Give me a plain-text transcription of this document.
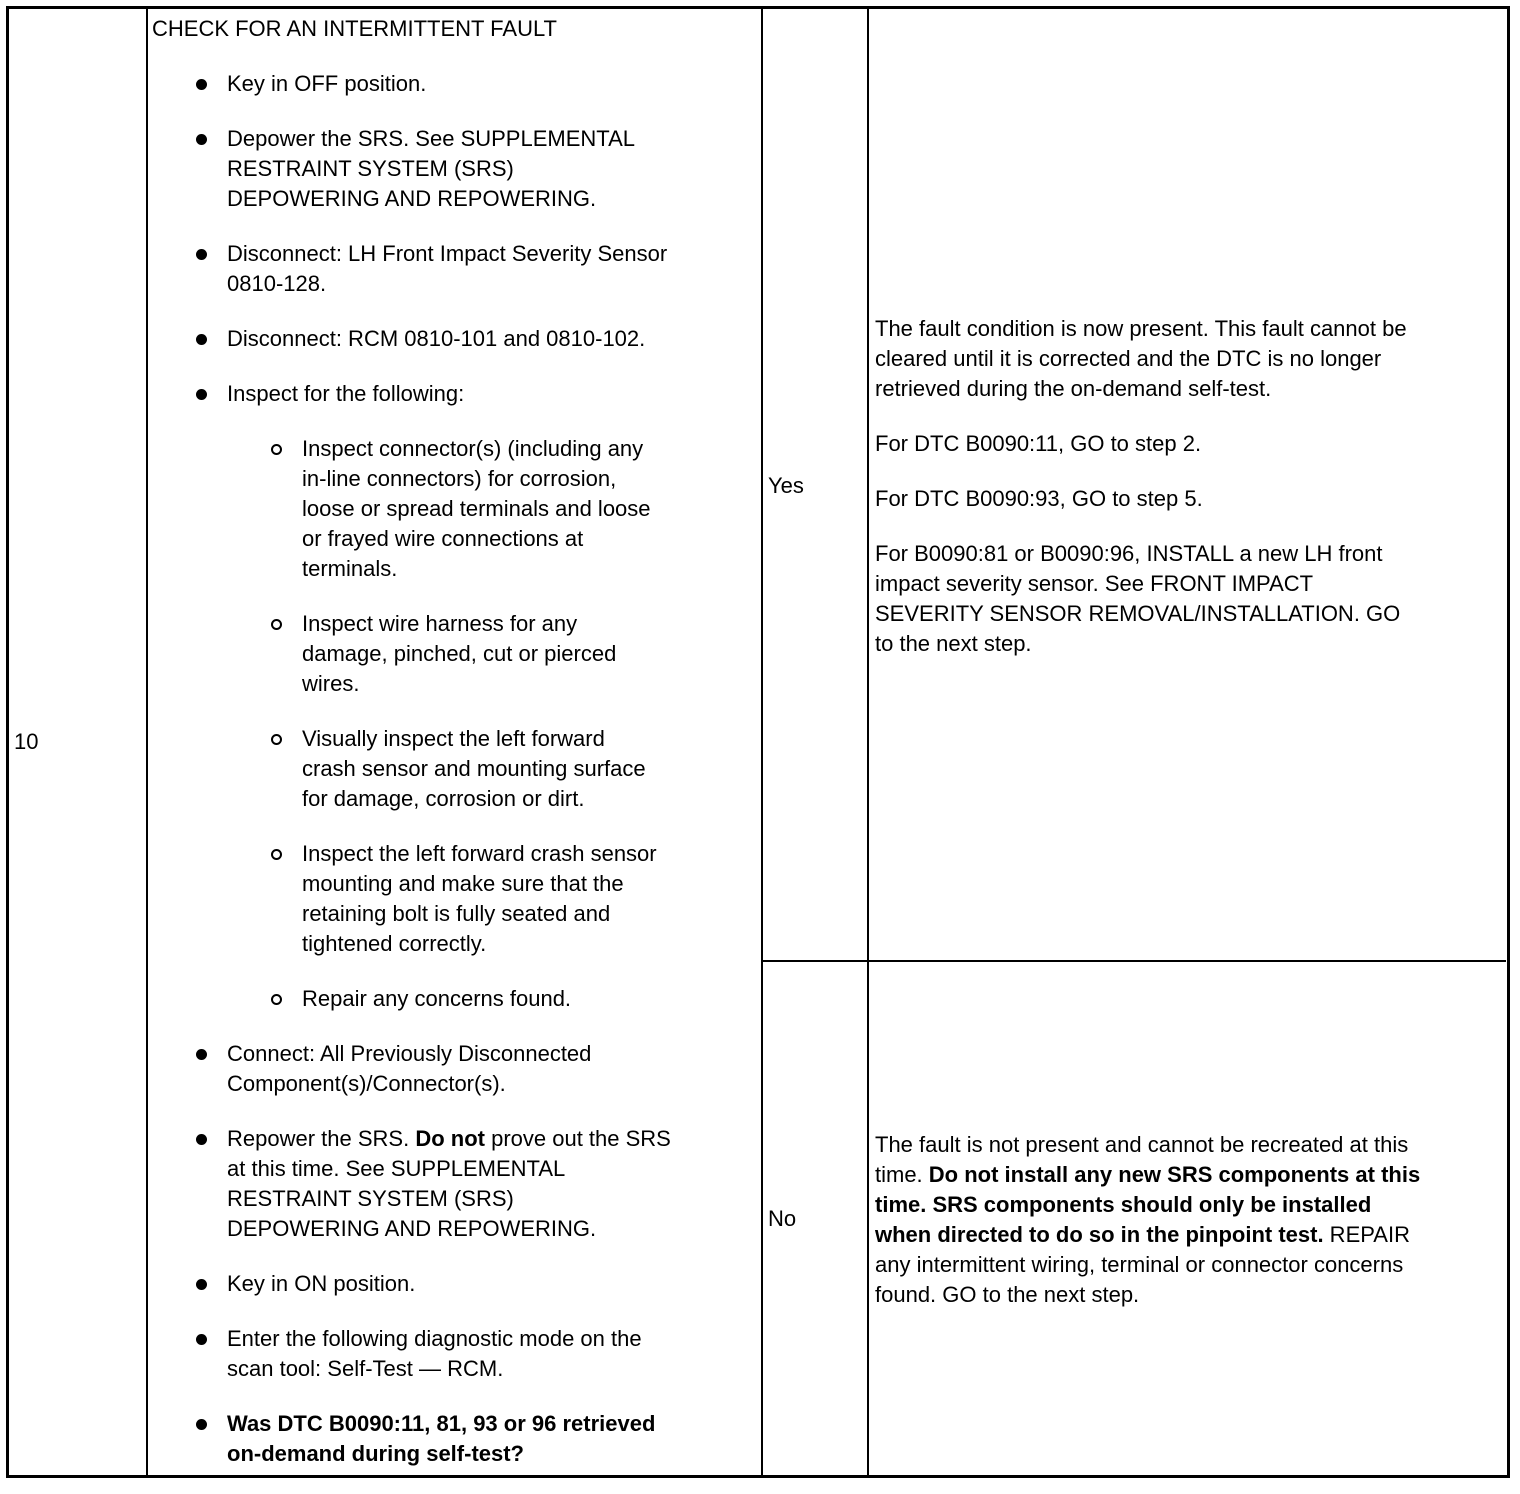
10
CHECK FOR AN INTERMITTENT FAULT
Key in OFF position.
Depower the SRS. See SUPPLEMENTAL
RESTRAINT SYSTEM (SRS)
DEPOWERING AND REPOWERING.
Disconnect: LH Front Impact Severity Sensor
0810-128.
Disconnect: RCM 0810-101 and 0810-102.
Inspect for the following:
Inspect connector(s) (including any
in-line connectors) for corrosion,
loose or spread terminals and loose
or frayed wire connections at
terminals.
Inspect wire harness for any
damage, pinched, cut or pierced
wires.
Visually inspect the left forward
crash sensor and mounting surface
for damage, corrosion or dirt.
Inspect the left forward crash sensor
mounting and make sure that the
retaining bolt is fully seated and
tightened correctly.
Repair any concerns found.
Connect: All Previously Disconnected
Component(s)/Connector(s).
Repower the SRS. Do not prove out the SRS
at this time. See SUPPLEMENTAL
RESTRAINT SYSTEM (SRS)
DEPOWERING AND REPOWERING.
Key in ON position.
Enter the following diagnostic mode on the
scan tool: Self-Test — RCM.
Was DTC B0090:11, 81, 93 or 96 retrieved
on-demand during self-test?
Yes

The fault condition is now present. This fault cannot be
cleared until it is corrected and the DTC is no longer
retrieved during the on-demand self-test.

For DTC B0090:11, GO to step 2.

For DTC B0090:93, GO to step 5.

For B0090:81 or B0090:96, INSTALL a new LH front
impact severity sensor. See FRONT IMPACT
SEVERITY SENSOR REMOVAL/INSTALLATION. GO
to the next step.

No

The fault is not present and cannot be recreated at this
time. Do not install any new SRS components at this
time. SRS components should only be installed
when directed to do so in the pinpoint test. REPAIR
any intermittent wiring, terminal or connector concerns
found. GO to the next step.
